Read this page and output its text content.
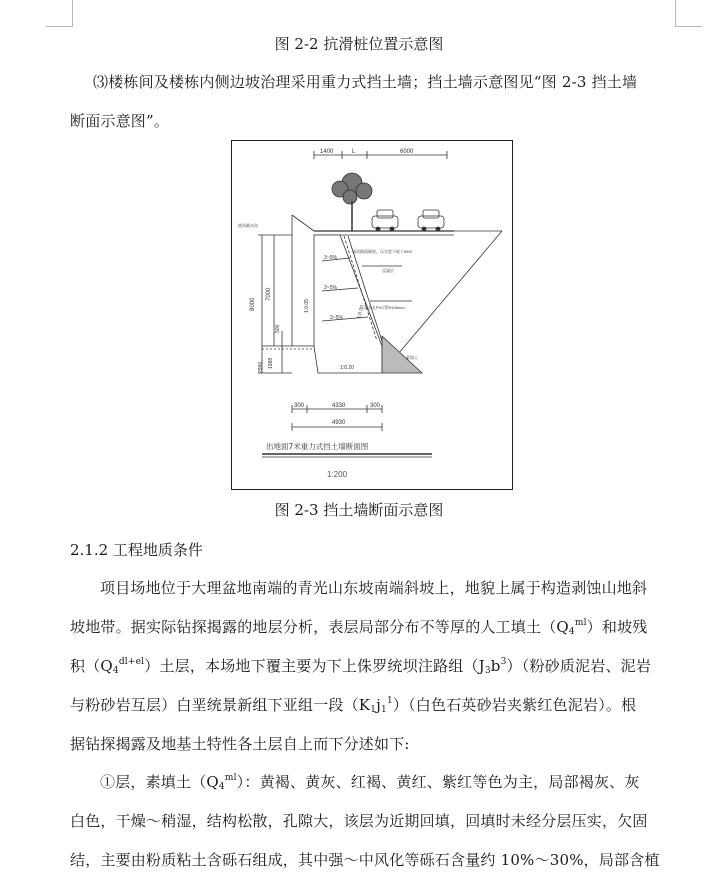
图 2-2 抗滑桩位置示意图
⑶楼栋间及楼栋内侧边坡治理采用重力式挡土墙；挡土墙示意图见“图 2-3 挡土墙
断面示意图”。
1400	L	6000
8000
7000
500
1988
2986
3~5%
3~5%
3~5%
1:0.05	1:0.30
1:0.20
墙顶路面铺装，压实度不低于95%
反滤层
泄水孔PVC管Φ100mm
素填土
坡顶截水沟
300	4330	300
4930
出地面7米重力式挡土墙断面图
1:200
图 2-3 挡土墙断面示意图
2.1.2 工程地质条件
项目场地位于大理盆地南端的青光山东坡南端斜坡上，地貌上属于构造剥蚀山地斜
坡地带。据实际钻探揭露的地层分析，表层局部分布不等厚的人工填土$(Q_4^{ml})$和坡残
积$(Q_4^{dl+el})$土层，本场地下覆主要为下上侏罗统坝注路组$(J_3b^3)$（粉砂质泥岩、泥岩
与粉砂岩互层）白垩统景新组下亚组一段$(K_1j_1^1)$（白色石英砂岩夹紫红色泥岩）。根
据钻探揭露及地基土特性各土层自上而下分述如下:
①层，素填土$(Q_4^{ml})$：黄褐、黄灰、红褐、黄红、紫红等色为主，局部褐灰、灰
白色，干燥～稍湿，结构松散，孔隙大，该层为近期回填，回填时未经分层压实，欠固
结，主要由粉质粘土含砾石组成，其中强～中风化等砾石含量约 10%～30%，局部含植
